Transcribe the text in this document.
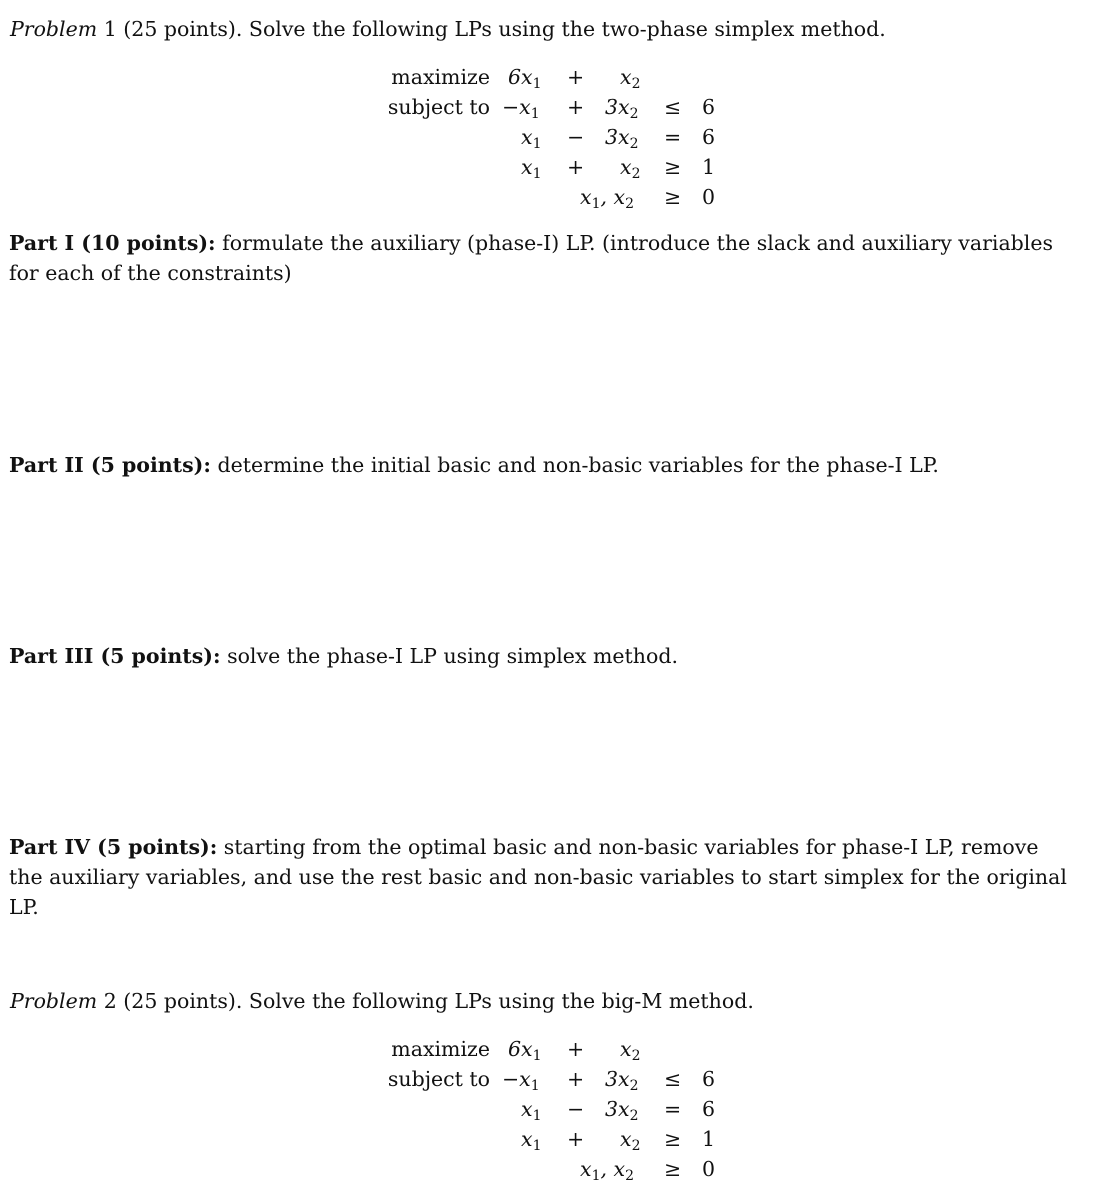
Problem 1 (25 points). Solve the following LPs using the two-phase simplex method.
maximize $6x_1 + x_2$
subject to $-x_1 + 3x_2 \le 6$
$x_1 - 3x_2 = 6$
$x_1 + x_2 \ge 1$
$x_1$, $x_2 \ge 0$
Part I (10 points): formulate the auxiliary (phase-I) LP. (introduce the slack and auxiliary variables for each of the constraints)
Part II (5 points): determine the initial basic and non-basic variables for the phase-I LP.
Part III (5 points): solve the phase-I LP using simplex method.
Part IV (5 points): starting from the optimal basic and non-basic variables for phase-I LP, remove the auxiliary variables, and use the rest basic and non-basic variables to start simplex for the original LP.
Problem 2 (25 points). Solve the following LPs using the big-M method.
maximize $6x_1 + x_2$
subject to $-x_1 + 3x_2 \le 6$
$x_1 - 3x_2 = 6$
$x_1 + x_2 \ge 1$
$x_1$, $x_2 \ge 0$
